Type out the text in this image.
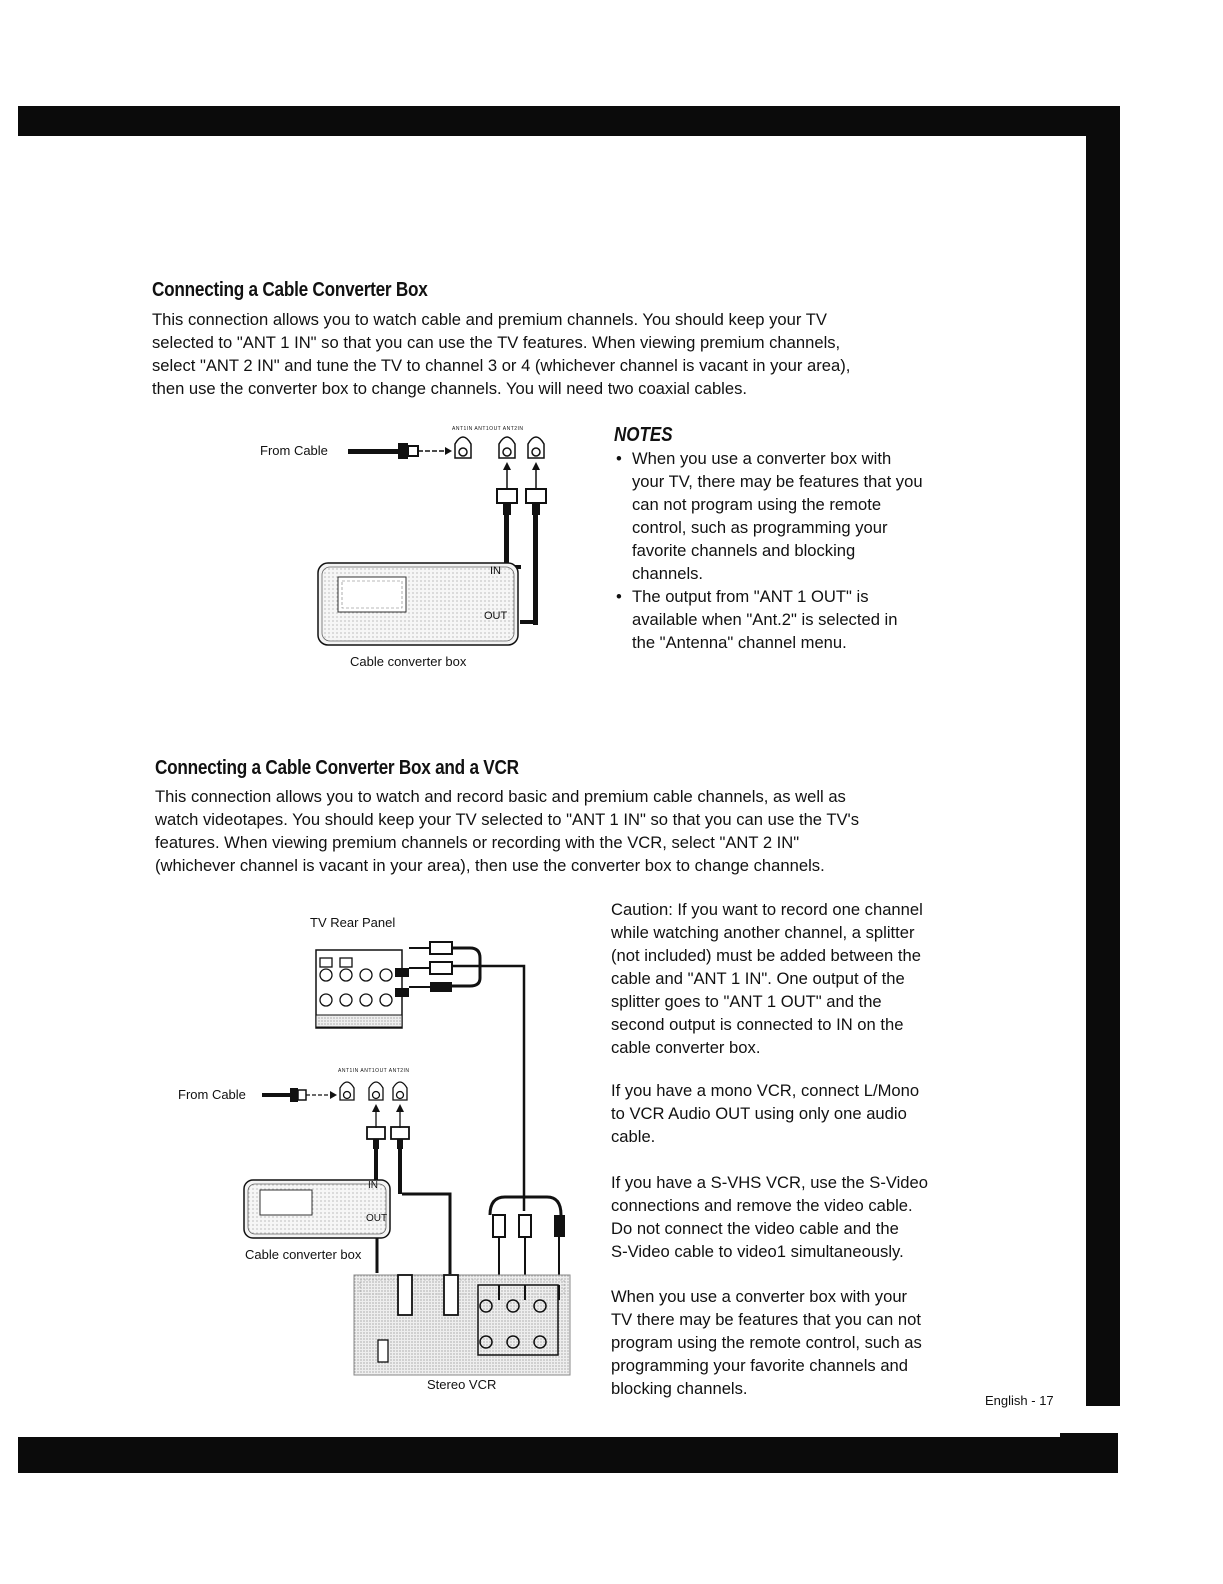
Connecting a Cable Converter Box

This connection allows you to watch cable and premium channels. You should keep your TV
selected to "ANT 1 IN" so that you can use the TV features. When viewing premium channels,
select "ANT 2 IN" and tune the TV to channel 3 or 4 (whichever channel is vacant in your area),
then use the converter box to change channels. You will need two coaxial cables.

From Cable
ANT1IN ANT1OUT ANT2IN
IN
OUT
Cable converter box
NOTES
• When you use a converter box with
your TV, there may be features that you
can not program using the remote
control, such as programming your
favorite channels and blocking
channels.
• The output from "ANT 1 OUT" is
available when "Ant.2" is selected in
the "Antenna" channel menu.
Connecting a Cable Converter Box and a VCR

This connection allows you to watch and record basic and premium cable channels, as well as
watch videotapes. You should keep your TV selected to "ANT 1 IN" so that you can use the TV's
features. When viewing premium channels or recording with the VCR, select "ANT 2 IN"
(whichever channel is vacant in your area), then use the converter box to change channels.

TV Rear Panel
From Cable
ANT1IN ANT1OUT ANT2IN
IN
OUT
Cable converter box
Stereo VCR

Caution: If you want to record one channel
while watching another channel, a splitter
(not included) must be added between the
cable and "ANT 1 IN". One output of the
splitter goes to "ANT 1 OUT" and the
second output is connected to IN on the
cable converter box.

If you have a mono VCR, connect L/Mono
to VCR Audio OUT using only one audio
cable.

If you have a S-VHS VCR, use the S-Video
connections and remove the video cable.
Do not connect the video cable and the
S-Video cable to video1 simultaneously.

When you use a converter box with your
TV there may be features that you can not
program using the remote control, such as
programming your favorite channels and
blocking channels.

English - 17
